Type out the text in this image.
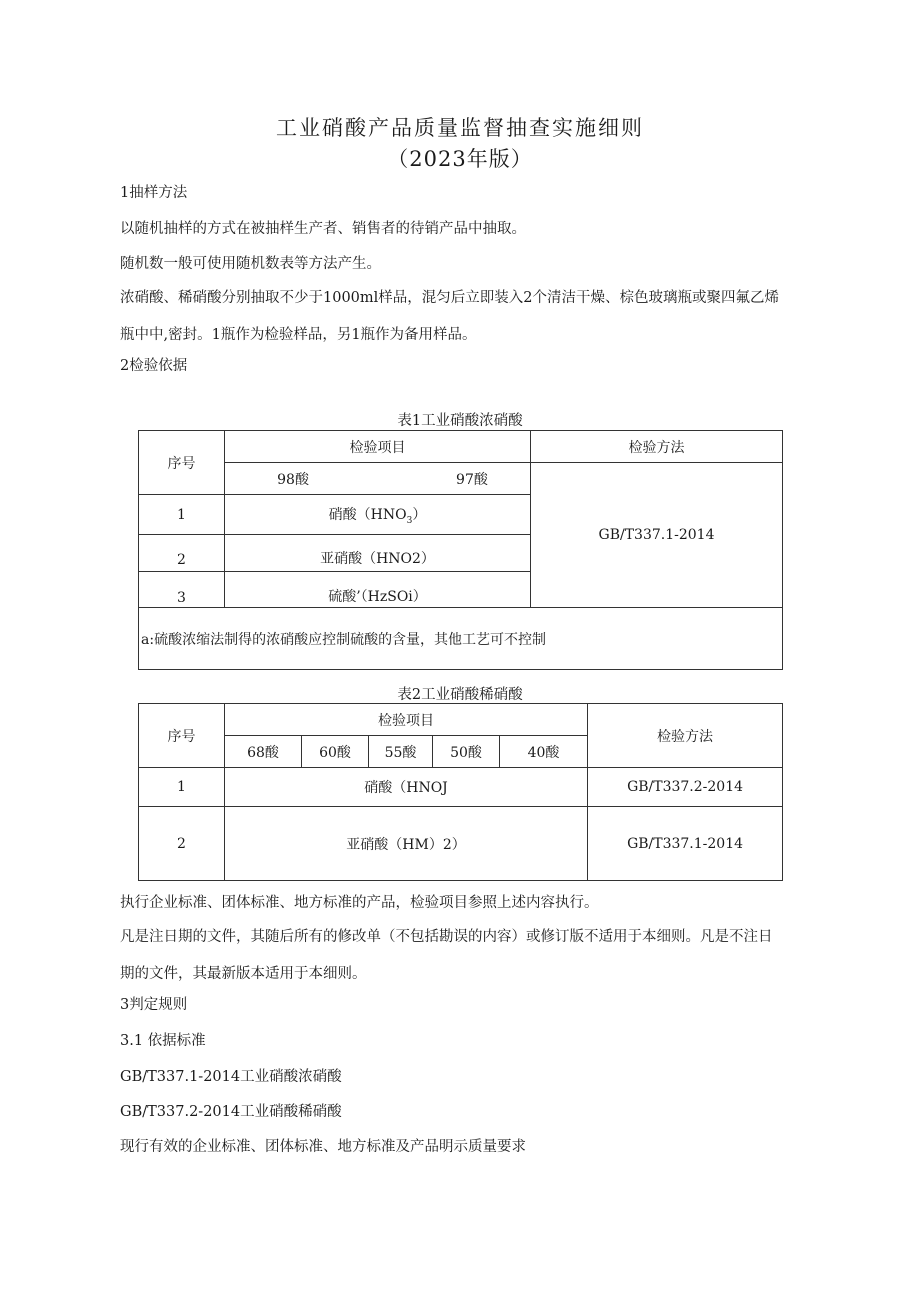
工业硝酸产品质量监督抽查实施细则
（2023年版）
1抽样方法
以随机抽样的方式在被抽样生产者、销售者的待销产品中抽取。
随机数一般可使用随机数表等方法产生。
浓硝酸、稀硝酸分别抽取不少于1000ml样品，混匀后立即装入2个清洁干燥、棕色玻璃瓶或聚四氟乙烯瓶中中,密封。1瓶作为检验样品，另1瓶作为备用样品。
2检验依据
表1工业硝酸浓硝酸
序号	检验项目	检验方法
	98酸 97酸	GB/T337.1-2014
1	硝酸$(HNO_3)$	
2	亚硝酸（HNO2）	
3	硫酸’（HzSOi）	
a:硫酸浓缩法制得的浓硝酸应控制硫酸的含量，其他工艺可不控制		
表2工业硝酸稀硝酸
序号	检验项目					检验方法
	68酸	60酸	55酸	50酸	40酸	
1	硝酸（HNOJ					GB/T337.2-2014
2	亚硝酸（HM）2）					GB/T337.1-2014
执行企业标准、团体标准、地方标准的产品，检验项目参照上述内容执行。
凡是注日期的文件，其随后所有的修改单（不包括勘误的内容）或修订版不适用于本细则。凡是不注日期的文件，其最新版本适用于本细则。
3判定规则
3.1 依据标准
GB/T337.1-2014工业硝酸浓硝酸
GB/T337.2-2014工业硝酸稀硝酸
现行有效的企业标准、团体标准、地方标准及产品明示质量要求
